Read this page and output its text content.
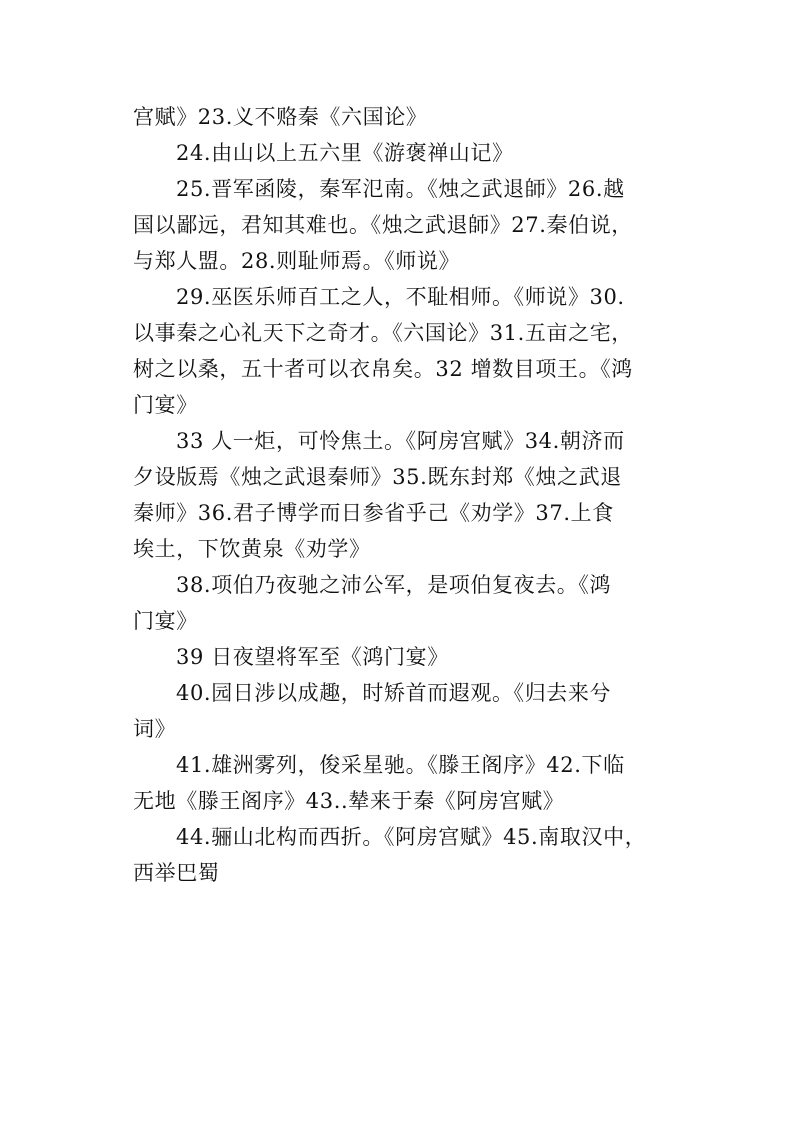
宫赋》23.义不赂秦《六国论》
24.由山以上五六里《游褒禅山记》
25.晋军函陵，秦军氾南。《烛之武退師》26.越
国以鄙远，君知其难也。《烛之武退師》27.秦伯说，
与郑人盟。28.则耻师焉。《师说》
29.巫医乐师百工之人，不耻相师。《师说》30.
以事秦之心礼天下之奇才。《六国论》31.五亩之宅，
树之以桑，五十者可以衣帛矣。32 增数目项王。《鸿
门宴》
33 人一炬，可怜焦土。《阿房宫赋》34.朝济而
夕设版焉《烛之武退秦师》35.既东封郑《烛之武退
秦师》36.君子博学而日参省乎己《劝学》37.上食
埃土，下饮黄泉《劝学》
38.项伯乃夜驰之沛公军，是项伯复夜去。《鸿
门宴》
39 日夜望将军至《鸿门宴》
40.园日涉以成趣，时矫首而遐观。《归去来兮
词》
41.雄洲雾列，俊采星驰。《滕王阁序》42.下临
无地《滕王阁序》43..辇来于秦《阿房宫赋》
44.骊山北构而西折。《阿房宫赋》45.南取汉中，
西举巴蜀
